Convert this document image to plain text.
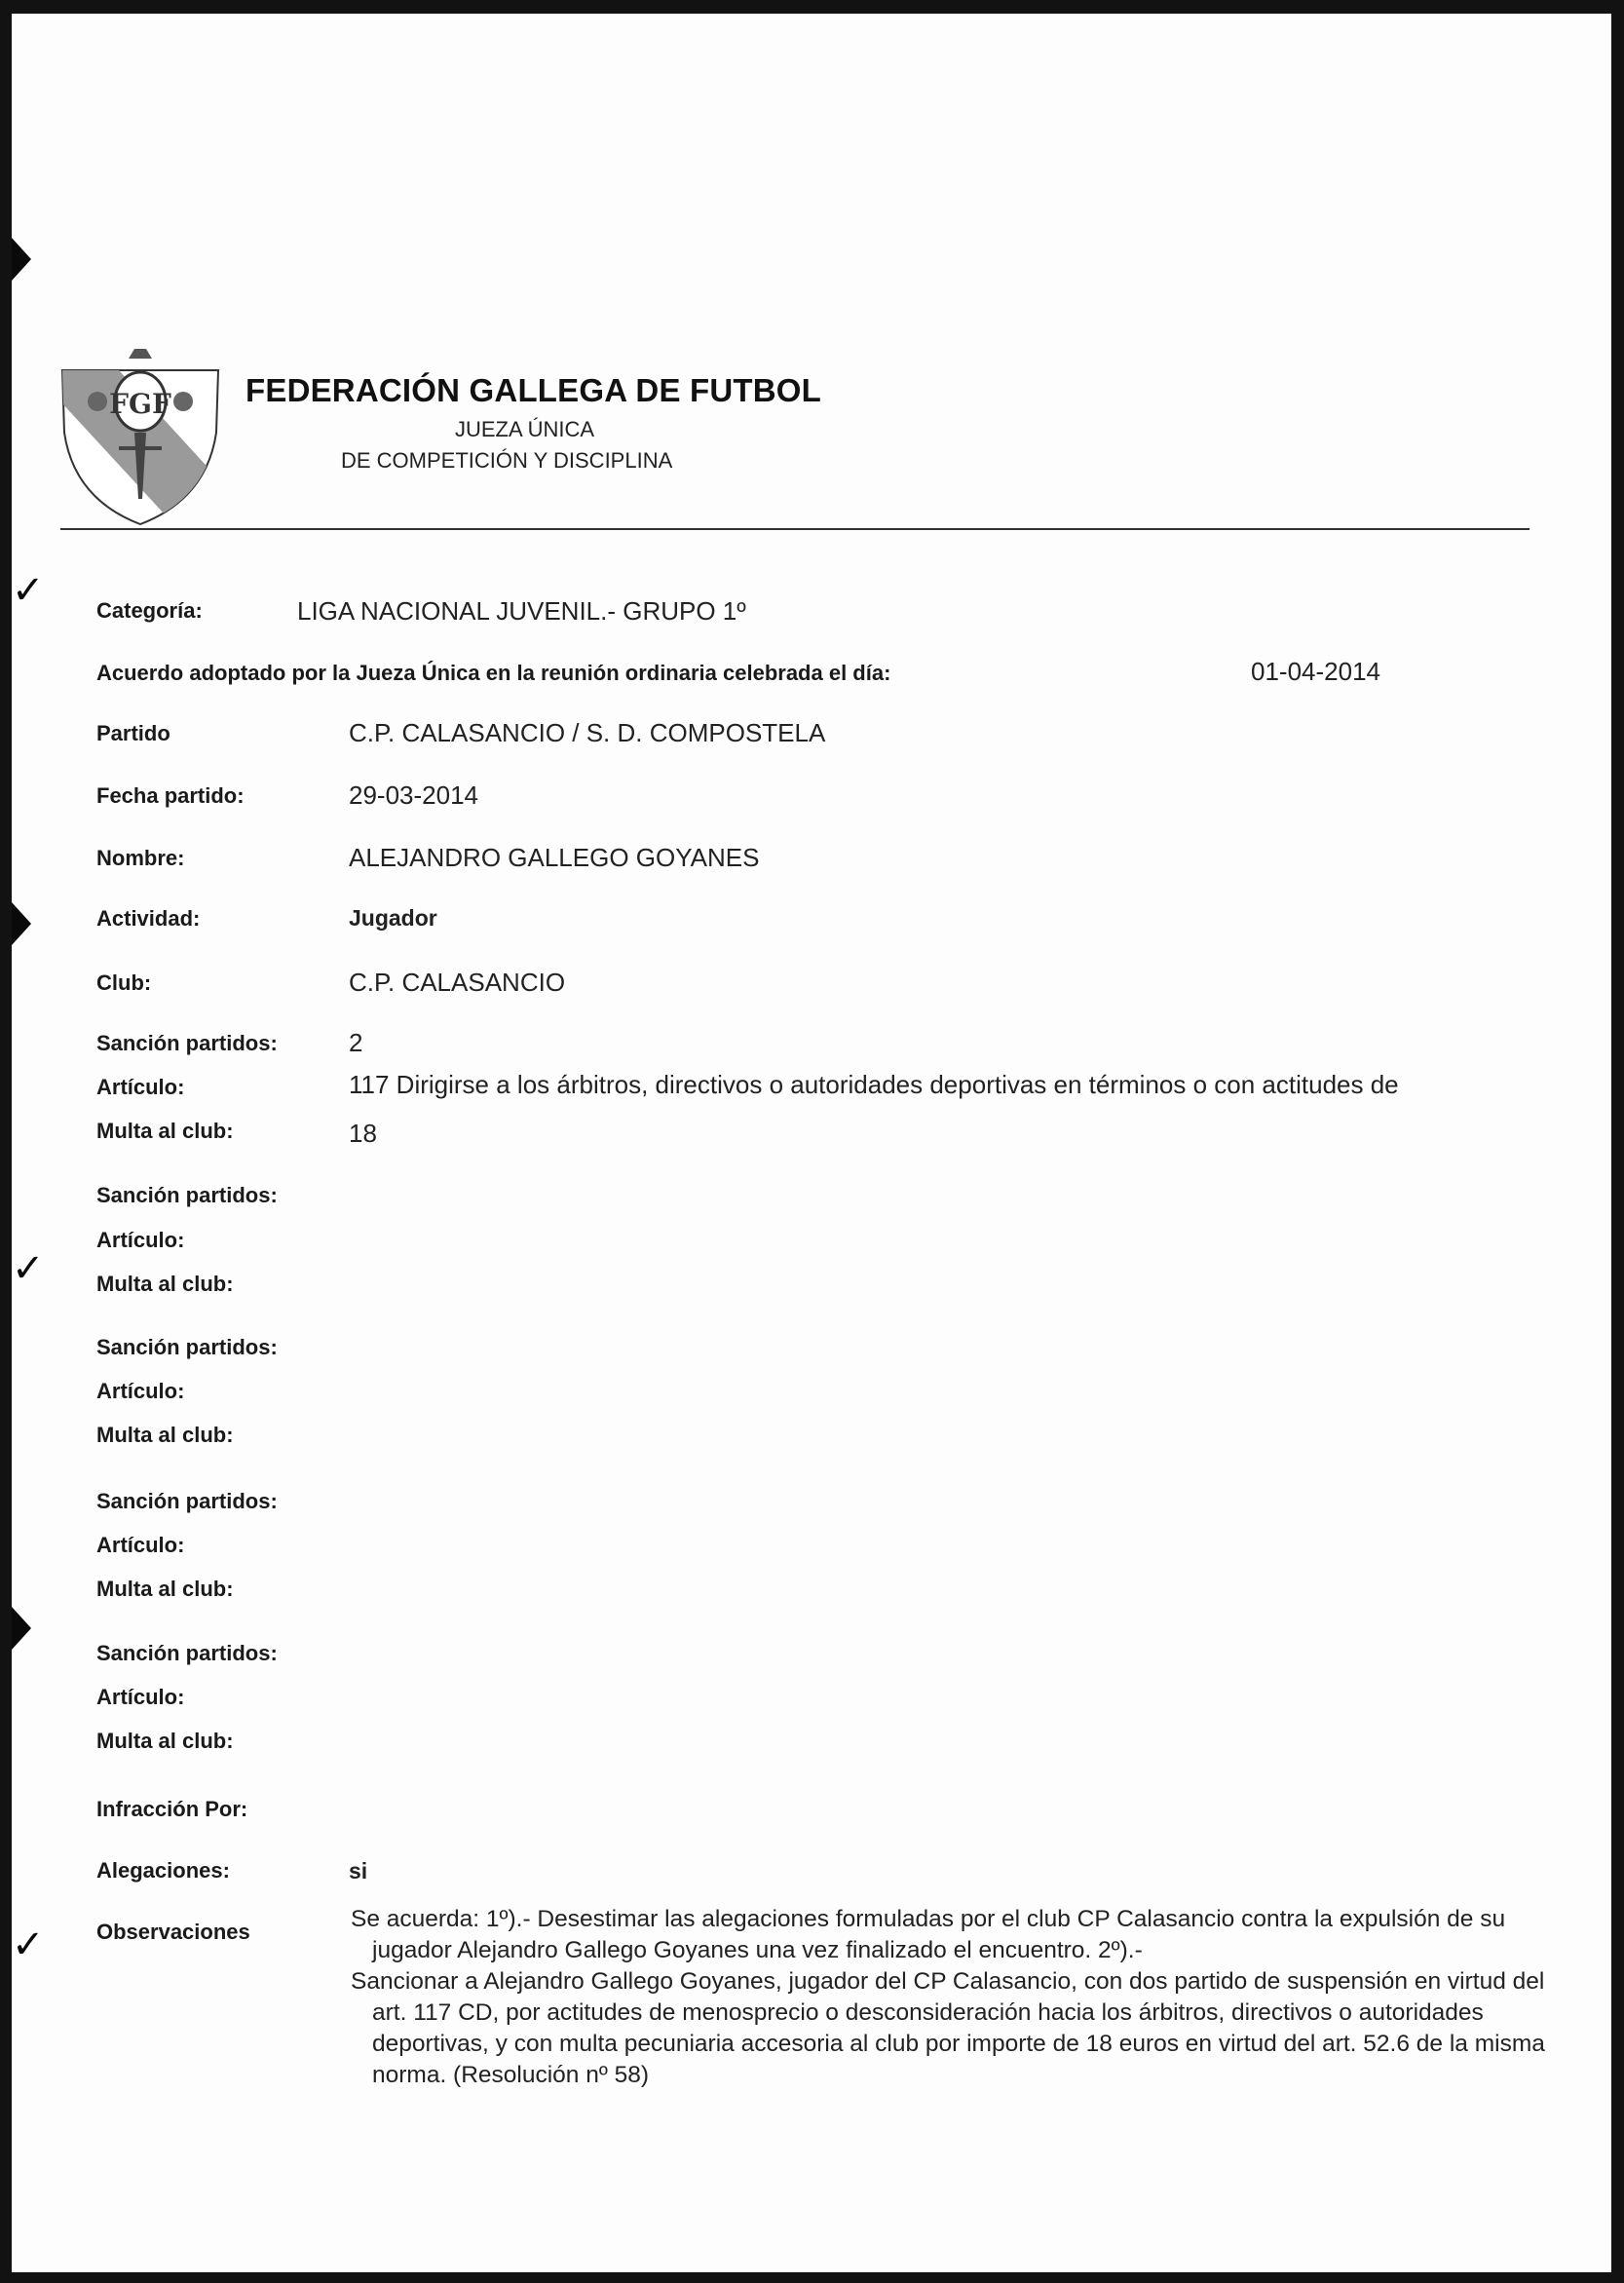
✓
✓
✓
FGF FEDERACIÓN GALLEGA DE FUTBOL
JUEZA ÚNICA
DE COMPETICIÓN Y DISCIPLINA
Categoría:	LIGA NACIONAL JUVENIL.- GRUPO 1º
Acuerdo adoptado por la Jueza Única en la reunión ordinaria celebrada el día:	01-04-2014
Partido	C.P. CALASANCIO / S. D. COMPOSTELA
Fecha partido:	29-03-2014
Nombre:	ALEJANDRO GALLEGO GOYANES
Actividad:	Jugador
Club:	C.P. CALASANCIO
Sanción partidos:	2
Artículo:	117 Dirigirse a los árbitros, directivos o autoridades deportivas en términos o con actitudes de
Multa al club:	18
Sanción partidos:
Artículo:
Multa al club:
Sanción partidos:
Artículo:
Multa al club:
Sanción partidos:
Artículo:
Multa al club:
Sanción partidos:
Artículo:
Multa al club:
Infracción Por:
Alegaciones:	si
Observaciones	Se acuerda: 1º).- Desestimar las alegaciones formuladas por el club CP Calasancio contra la expulsión de su jugador Alejandro Gallego Goyanes una vez finalizado el encuentro. 2º).-

Sancionar a Alejandro Gallego Goyanes, jugador del CP Calasancio, con dos partido de suspensión en virtud del art. 117 CD, por actitudes de menosprecio o desconsideración hacia los árbitros, directivos o autoridades deportivas, y con multa pecuniaria accesoria al club por importe de 18 euros en virtud del art. 52.6 de la misma norma. (Resolución nº 58)
